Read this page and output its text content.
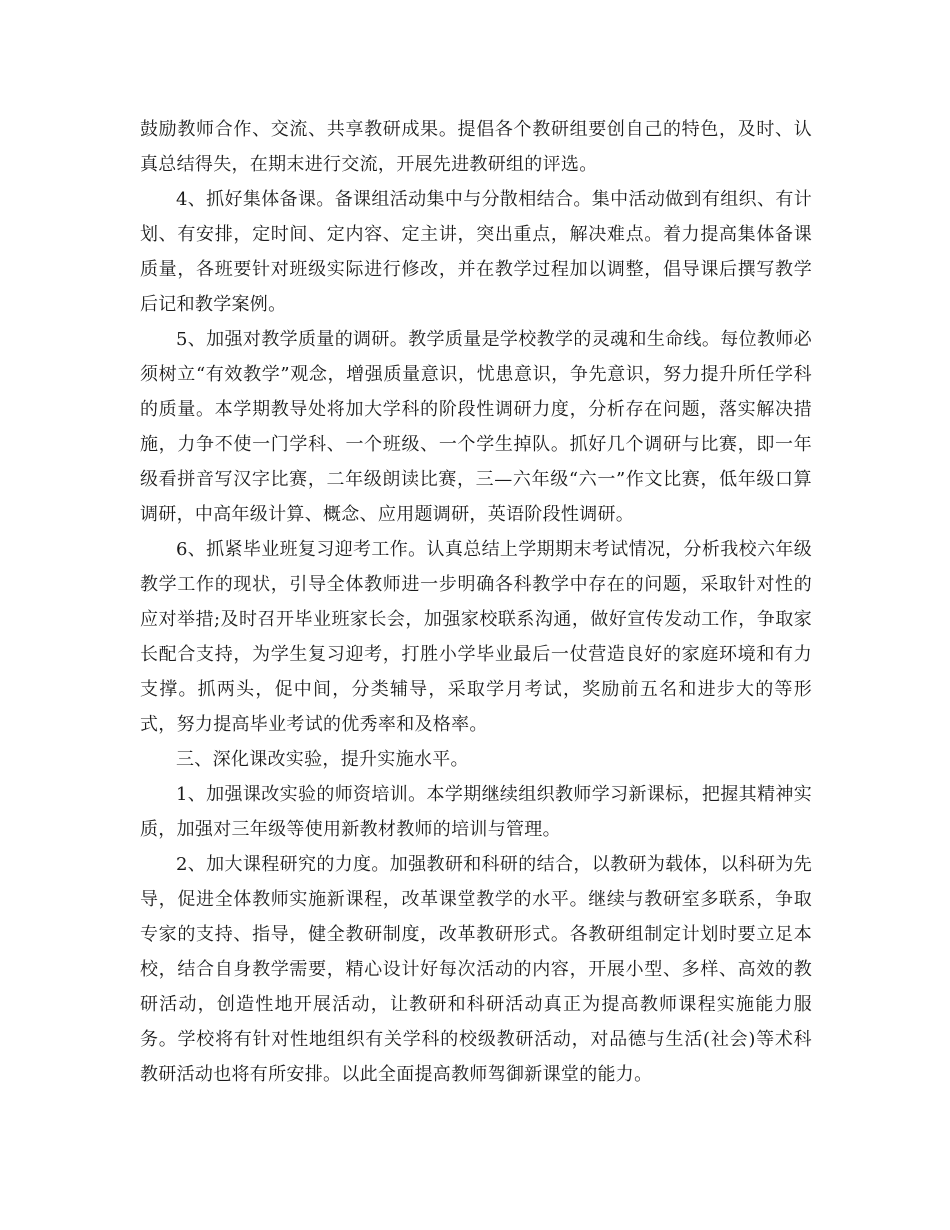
鼓励教师合作、交流、共享教研成果。提倡各个教研组要创自己的特色，及时、认真总结得失，在期末进行交流，开展先进教研组的评选。

4、抓好集体备课。备课组活动集中与分散相结合。集中活动做到有组织、有计划、有安排，定时间、定内容、定主讲，突出重点，解决难点。着力提高集体备课质量，各班要针对班级实际进行修改，并在教学过程加以调整，倡导课后撰写教学后记和教学案例。

5、加强对教学质量的调研。教学质量是学校教学的灵魂和生命线。每位教师必须树立“有效教学”观念，增强质量意识，忧患意识，争先意识，努力提升所任学科的质量。本学期教导处将加大学科的阶段性调研力度，分析存在问题，落实解决措施，力争不使一门学科、一个班级、一个学生掉队。抓好几个调研与比赛，即一年级看拼音写汉字比赛，二年级朗读比赛，三—六年级“六一”作文比赛，低年级口算调研，中高年级计算、概念、应用题调研，英语阶段性调研。

6、抓紧毕业班复习迎考工作。认真总结上学期期末考试情况，分析我校六年级教学工作的现状，引导全体教师进一步明确各科教学中存在的问题，采取针对性的应对举措;及时召开毕业班家长会，加强家校联系沟通，做好宣传发动工作，争取家长配合支持，为学生复习迎考，打胜小学毕业最后一仗营造良好的家庭环境和有力支撑。抓两头，促中间，分类辅导，采取学月考试，奖励前五名和进步大的等形式，努力提高毕业考试的优秀率和及格率。

三、深化课改实验，提升实施水平。

1、加强课改实验的师资培训。本学期继续组织教师学习新课标，把握其精神实质，加强对三年级等使用新教材教师的培训与管理。

2、加大课程研究的力度。加强教研和科研的结合，以教研为载体，以科研为先导，促进全体教师实施新课程，改革课堂教学的水平。继续与教研室多联系，争取专家的支持、指导，健全教研制度，改革教研形式。各教研组制定计划时要立足本校，结合自身教学需要，精心设计好每次活动的内容，开展小型、多样、高效的教研活动，创造性地开展活动，让教研和科研活动真正为提高教师课程实施能力服务。学校将有针对性地组织有关学科的校级教研活动，对品德与生活(社会)等术科教研活动也将有所安排。以此全面提高教师驾御新课堂的能力。
